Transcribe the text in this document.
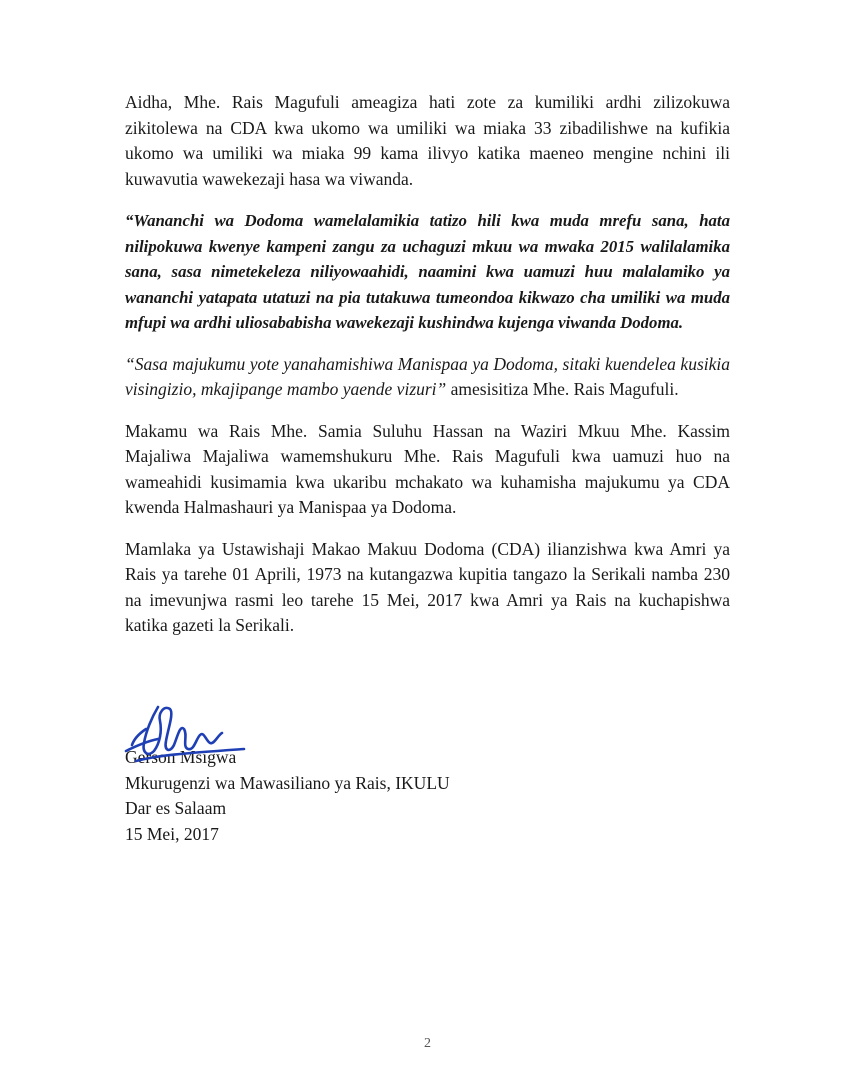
Aidha, Mhe. Rais Magufuli ameagiza hati zote za kumiliki ardhi zilizokuwa zikitolewa na CDA kwa ukomo wa umiliki wa miaka 33 zibadilishwe na kufikia ukomo wa umiliki wa miaka 99 kama ilivyo katika maeneo mengine nchini ili kuwavutia wawekezaji hasa wa viwanda.

“Wananchi wa Dodoma wamelalamikia tatizo hili kwa muda mrefu sana, hata nilipokuwa kwenye kampeni zangu za uchaguzi mkuu wa mwaka 2015 walilalamika sana, sasa nimetekeleza niliyowaahidi, naamini kwa uamuzi huu malalamiko ya wananchi yatapata utatuzi na pia tutakuwa tumeondoa kikwazo cha umiliki wa muda mfupi wa ardhi uliosababisha wawekezaji kushindwa kujenga viwanda Dodoma.

“Sasa majukumu yote yanahamishiwa Manispaa ya Dodoma, sitaki kuendelea kusikia visingizio, mkajipange mambo yaende vizuri” amesisitiza Mhe. Rais Magufuli.

Makamu wa Rais Mhe. Samia Suluhu Hassan na Waziri Mkuu Mhe. Kassim Majaliwa Majaliwa wamemshukuru Mhe. Rais Magufuli kwa uamuzi huo na wameahidi kusimamia kwa ukaribu mchakato wa kuhamisha majukumu ya CDA kwenda Halmashauri ya Manispaa ya Dodoma.

Mamlaka ya Ustawishaji Makao Makuu Dodoma (CDA) ilianzishwa kwa Amri ya Rais ya tarehe 01 Aprili, 1973 na kutangazwa kupitia tangazo la Serikali namba 230 na imevunjwa rasmi leo tarehe 15 Mei, 2017 kwa Amri ya Rais na kuchapishwa katika gazeti la Serikali.

Gerson Msigwa
Mkurugenzi wa Mawasiliano ya Rais, IKULU
Dar es Salaam
15 Mei, 2017
2
